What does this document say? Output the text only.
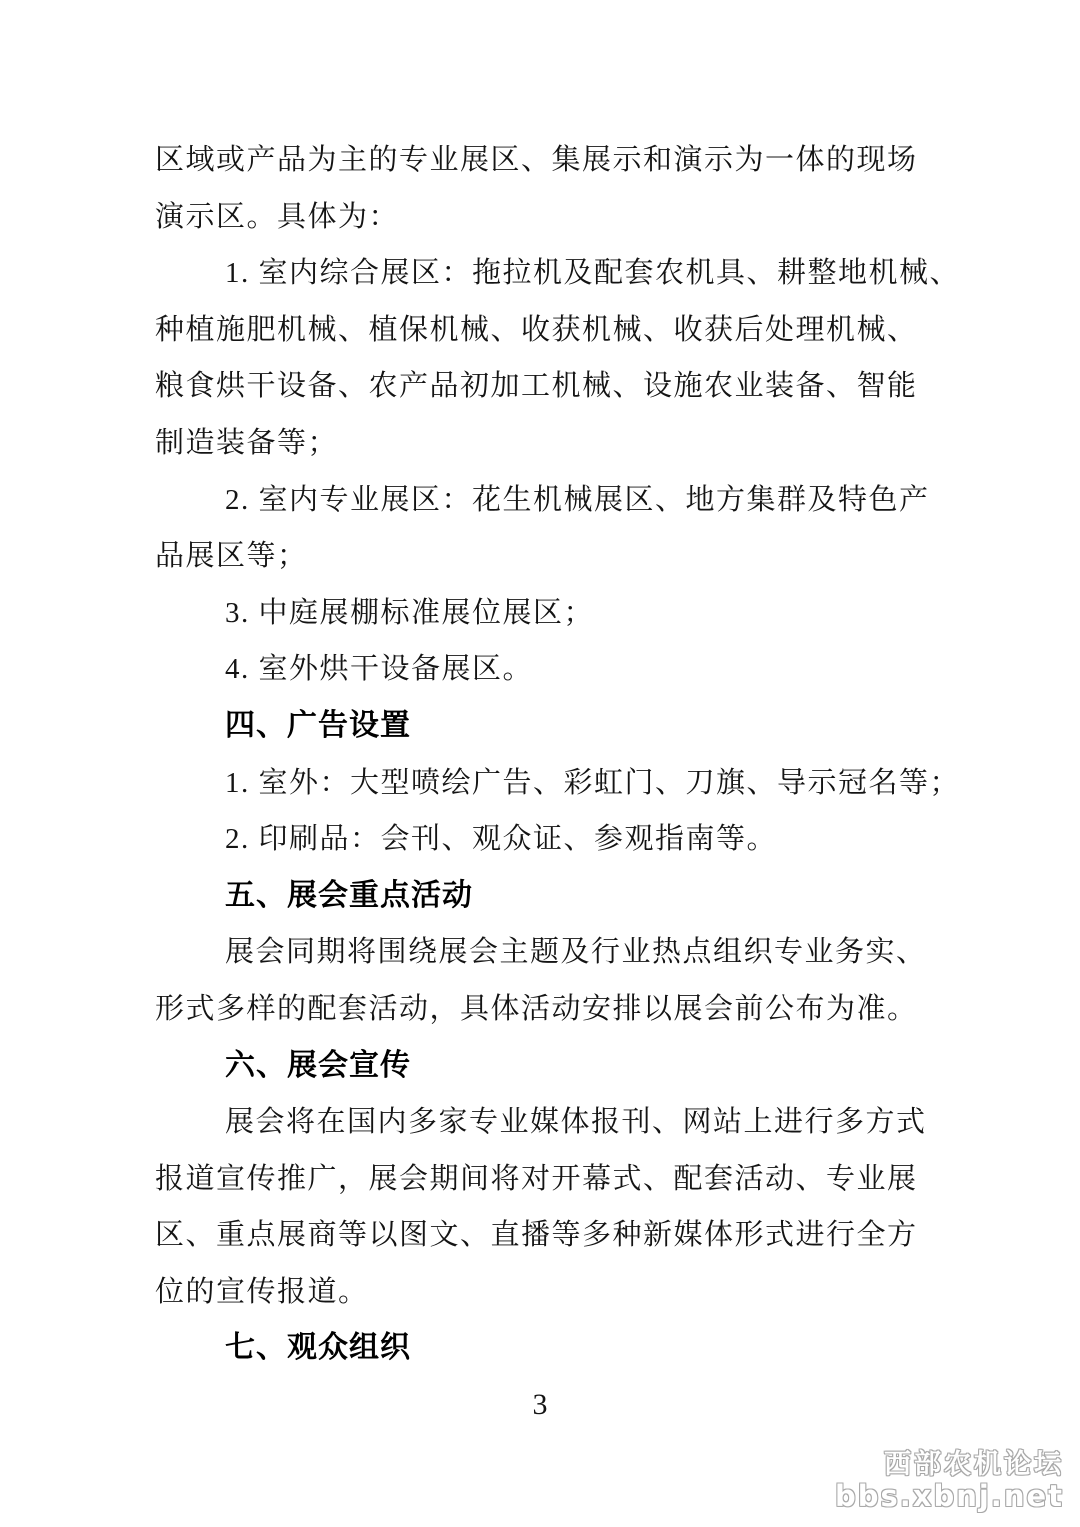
区域或产品为主的专业展区、集展示和演示为一体的现场
演示区。具体为：
1. 室内综合展区：拖拉机及配套农机具、耕整地机械、
种植施肥机械、植保机械、收获机械、收获后处理机械、
粮食烘干设备、农产品初加工机械、设施农业装备、智能
制造装备等；
2. 室内专业展区：花生机械展区、地方集群及特色产
品展区等；
3. 中庭展棚标准展位展区；
4. 室外烘干设备展区。
四、广告设置
1. 室外：大型喷绘广告、彩虹门、刀旗、导示冠名等；
2. 印刷品：会刊、观众证、参观指南等。
五、展会重点活动
展会同期将围绕展会主题及行业热点组织专业务实、
形式多样的配套活动，具体活动安排以展会前公布为准。
六、展会宣传
展会将在国内多家专业媒体报刊、网站上进行多方式
报道宣传推广，展会期间将对开幕式、配套活动、专业展
区、重点展商等以图文、直播等多种新媒体形式进行全方
位的宣传报道。
七、观众组织
3
西部农机论坛
bbs.xbnj.net
